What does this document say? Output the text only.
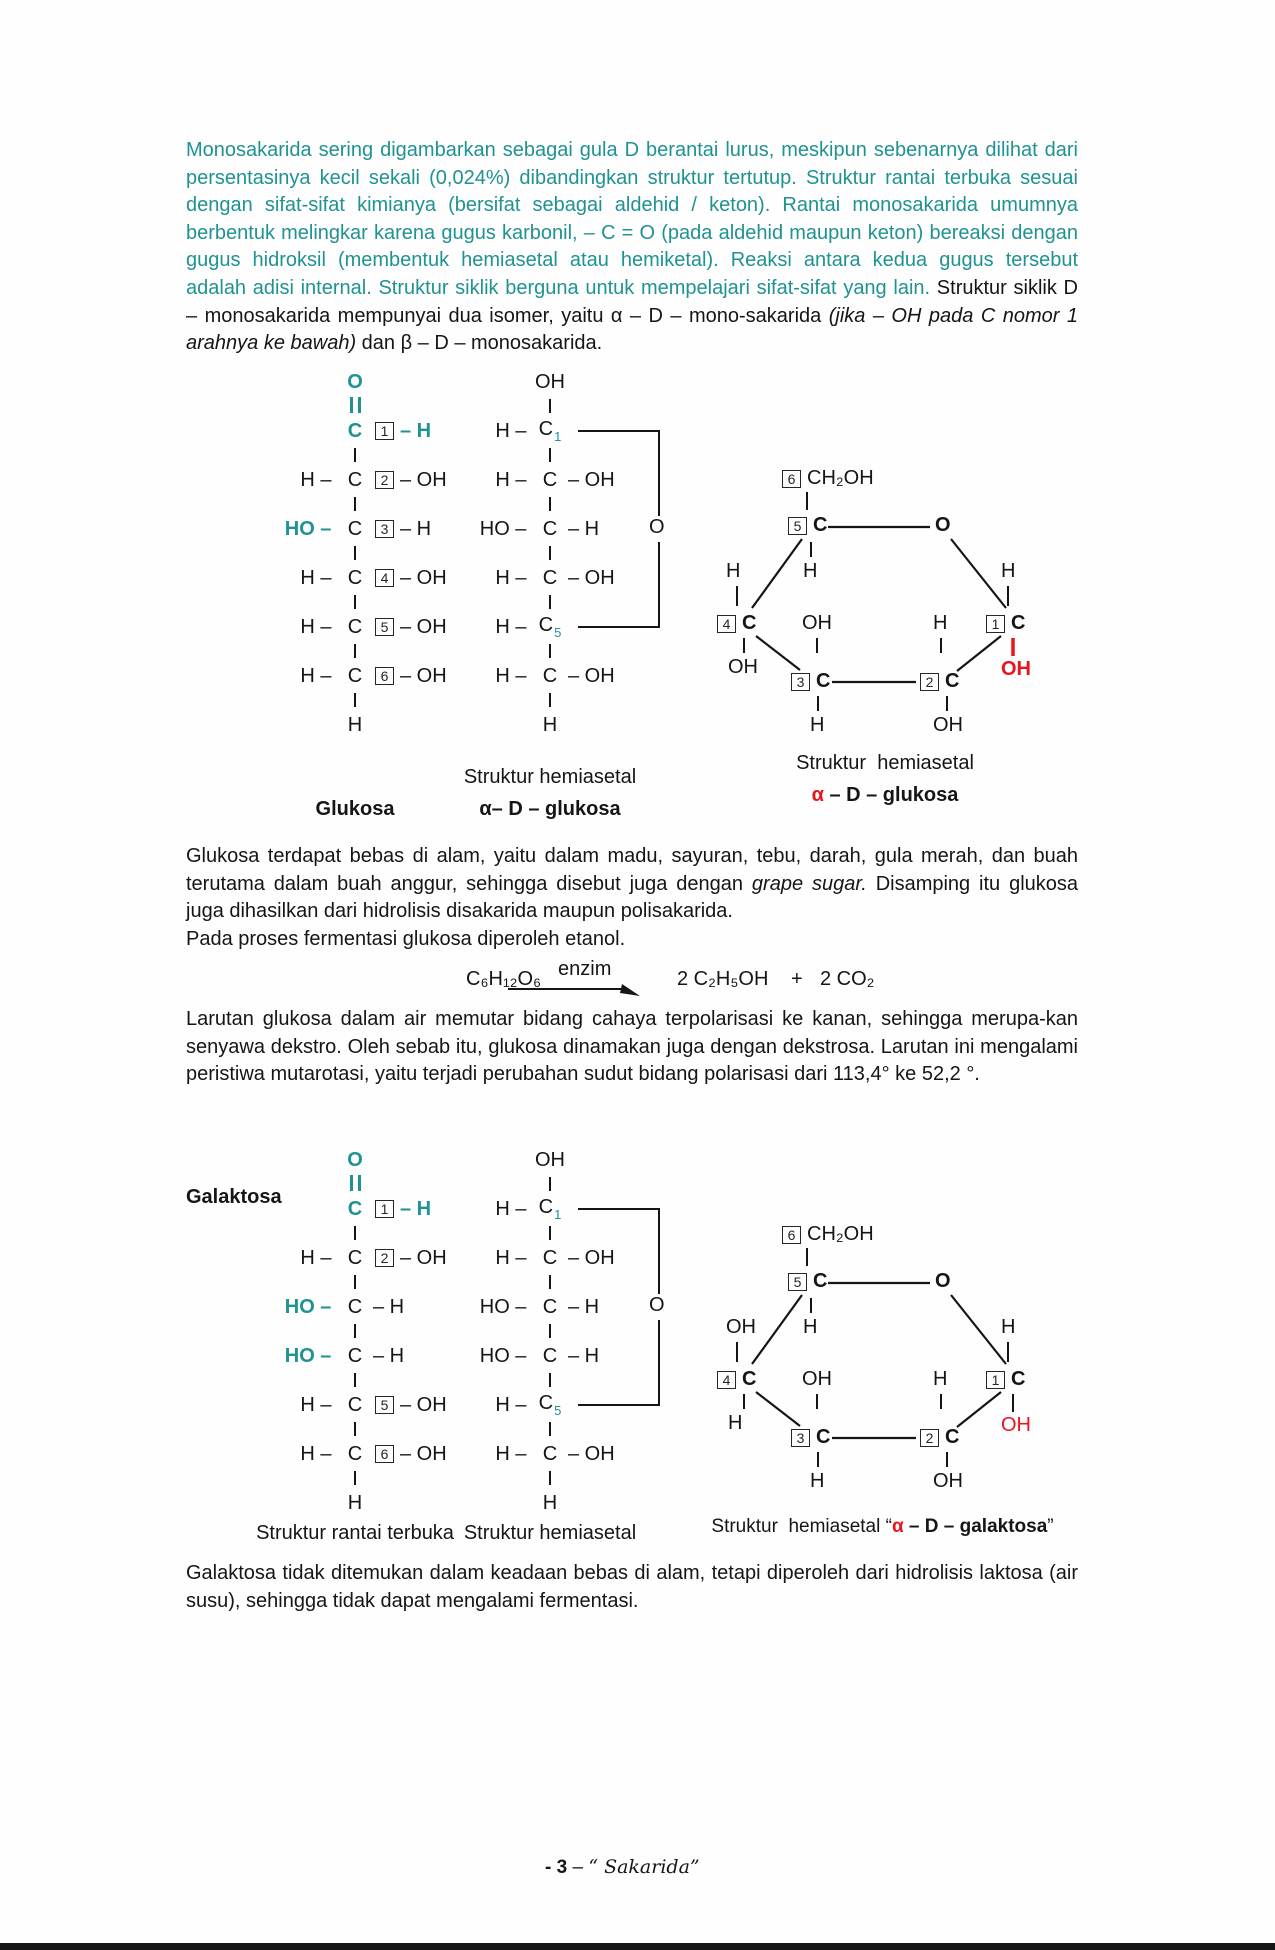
Monosakarida sering digambarkan sebagai gula D berantai lurus, meskipun sebenarnya dilihat dari persentasinya kecil sekali (0,024%) dibandingkan struktur tertutup. Struktur rantai terbuka sesuai dengan sifat-sifat kimianya (bersifat sebagai aldehid / keton). Rantai monosakarida umumnya berbentuk melingkar karena gugus karbonil, – C = O (pada aldehid maupun keton) bereaksi dengan gugus hidroksil (membentuk hemiasetal atau hemiketal). Reaksi antara kedua gugus tersebut adalah adisi internal. Struktur siklik berguna untuk mempelajari sifat-sifat yang lain. Struktur siklik D – monosakarida mempunyai dua isomer, yaitu α – D – mono-sakarida (jika – OH pada C nomor 1 arahnya ke bawah) dan β – D – monosakarida.

O
C	1 – H
H – C	2 – OH
HO – C	3 – H
H – C	4 – OH
H – C	5 – OH
H – C	6 – OH
H
Glukosa
OH
H – $C_1$
H – C – OH
HO – C – H
H – C – OH
H – $C_5$
H – C – OH
H
O
Struktur hemiasetal
α– D – glukosa
6 CH₂OH
5 C	O
H
H
4 C
OH
OH
3 C
H
H
2 C
OH
H
1 C
OH
Struktur  hemiasetal
α – D – glukosa

Glukosa terdapat bebas di alam, yaitu dalam madu, sayuran, tebu, darah, gula merah, dan buah terutama dalam buah anggur, sehingga disebut juga dengan grape sugar. Disamping itu glukosa juga dihasilkan dari hidrolisis disakarida maupun polisakarida.

Pada proses fermentasi glukosa diperoleh etanol.

C₆H₁₂O₆ enzim	2 C₂H₅OH + 2 CO₂

Larutan glukosa dalam air memutar bidang cahaya terpolarisasi ke kanan, sehingga merupa-kan senyawa dekstro. Oleh sebab itu, glukosa dinamakan juga dengan dekstrosa. Larutan ini mengalami peristiwa mutarotasi, yaitu terjadi perubahan sudut bidang polarisasi dari 113,4° ke 52,2 °.

Galaktosa
O
C	1 – H
H – C	2 – OH
HO – C – H
HO – C – H
H – C	5 – OH
H – C	6 – OH
H
Struktur rantai terbuka
OH
H – $C_1$
H – C – OH
HO – C – H
HO – C – H
H – $C_5$
H – C – OH
H
O
Struktur hemiasetal
6 CH₂OH
5 C	O
H
OH
4 C
H
OH
3 C
H
H
2 C
OH
H
1 C
OH
Struktur  hemiasetal “α – D – galaktosa”

Galaktosa tidak ditemukan dalam keadaan bebas di alam, tetapi diperoleh dari hidrolisis laktosa (air susu), sehingga tidak dapat mengalami fermentasi.

- 3 – “ Sakarida”
